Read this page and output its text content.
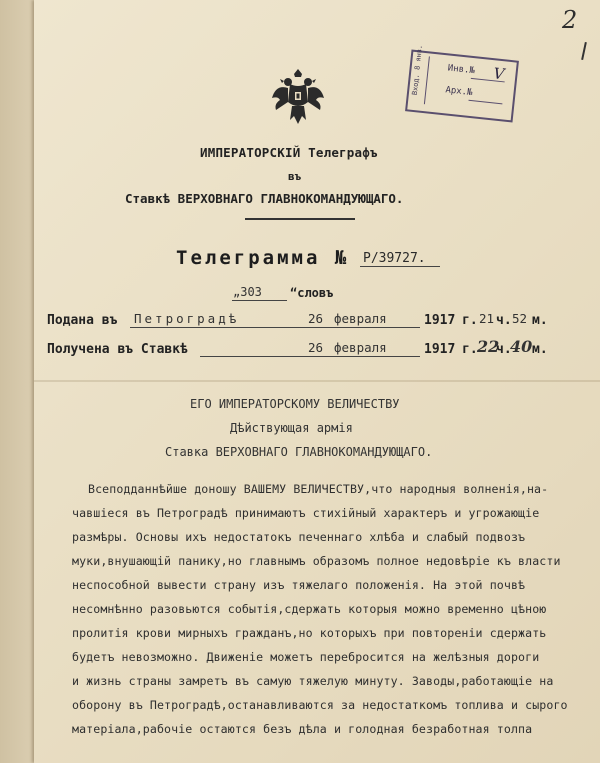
2
Вход. 8 янв.	Инв.№ V
Арх.№
ИМПЕРАТОРСКIЙ Телеграфъ
въ
Ставкѣ ВЕРХОВНАГО ГЛАВНОКОМАНДУЮЩАГО.
Телеграмма № Р/39727.
„303 “словъ
Подана въ Петроградѣ	26 февраля	1917 г. 21 ч. 52 м.
Получена въ Ставкѣ	26 февраля	1917 г. 22
ч.
40 м.
ЕГО ИМПЕРАТОРСКОМУ ВЕЛИЧЕСТВУ
Дѣйствующая армiя
Ставка ВЕРХОВНАГО ГЛАВНОКОМАНДУЮЩАГО.
Всеподданнѣйше доношу ВАШЕМУ ВЕЛИЧЕСТВУ,что народныя волненiя,на-
чавшiеся въ Петроградѣ принимаютъ стихiйный характеръ и угрожающiе
размѣры. Основы ихъ недостатокъ печеннаго хлѣба и слабый подвозъ
муки,внушающiй панику,но главнымъ образомъ полное недовѣрiе къ власти
неспособной вывести страну изъ тяжелаго положенiя. На этой почвѣ
несомнѣнно разовьются событiя,сдержать которыя можно временно цѣною
пролитiя крови мирныхъ гражданъ,но которыхъ при повторенiи сдержать
будетъ невозможно. Движенiе можетъ перебросится на желѣзныя дороги
и жизнь страны замретъ въ самую тяжелую минуту. Заводы,работающiе на
оборону въ Петроградѣ,останавливаются за недостаткомъ топлива и сырого
матерiала,рабочiе остаются безъ дѣла и голодная безработная толпа
